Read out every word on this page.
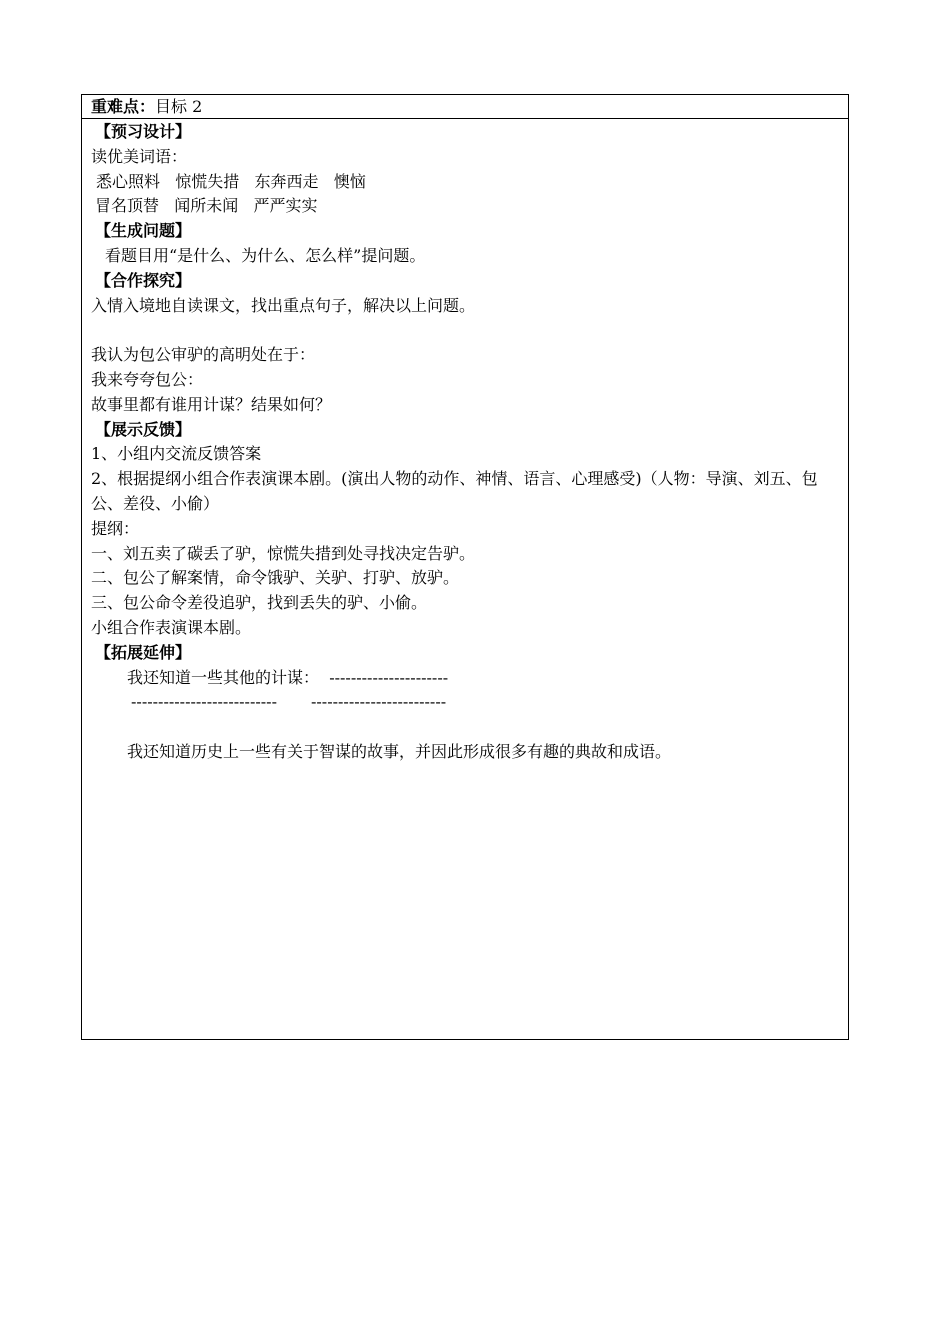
重难点：目标 2
【预习设计】
读优美词语：
悉心照料   惊慌失措   东奔西走   懊恼
冒名顶替   闻所未闻   严严实实
【生成问题】
看题目用“是什么、为什么、怎么样”提问题。
【合作探究】
入情入境地自读课文，找出重点句子，解决以上问题。
我认为包公审驴的高明处在于：
我来夸夸包公：
故事里都有谁用计谋？结果如何？
【展示反馈】
1、小组内交流反馈答案
2、根据提纲小组合作表演课本剧。(演出人物的动作、神情、语言、心理感受)（人物：导演、刘五、包公、差役、小偷）
提纲：
一、刘五卖了碳丢了驴，惊慌失措到处寻找决定告驴。
二、包公了解案情，命令饿驴、关驴、打驴、放驴。
三、包公命令差役追驴，找到丢失的驴、小偷。
小组合作表演课本剧。
【拓展延伸】
我还知道一些其他的计谋： ----------------------
--------------------------- -------------------------
我还知道历史上一些有关于智谋的故事，并因此形成很多有趣的典故和成语。
